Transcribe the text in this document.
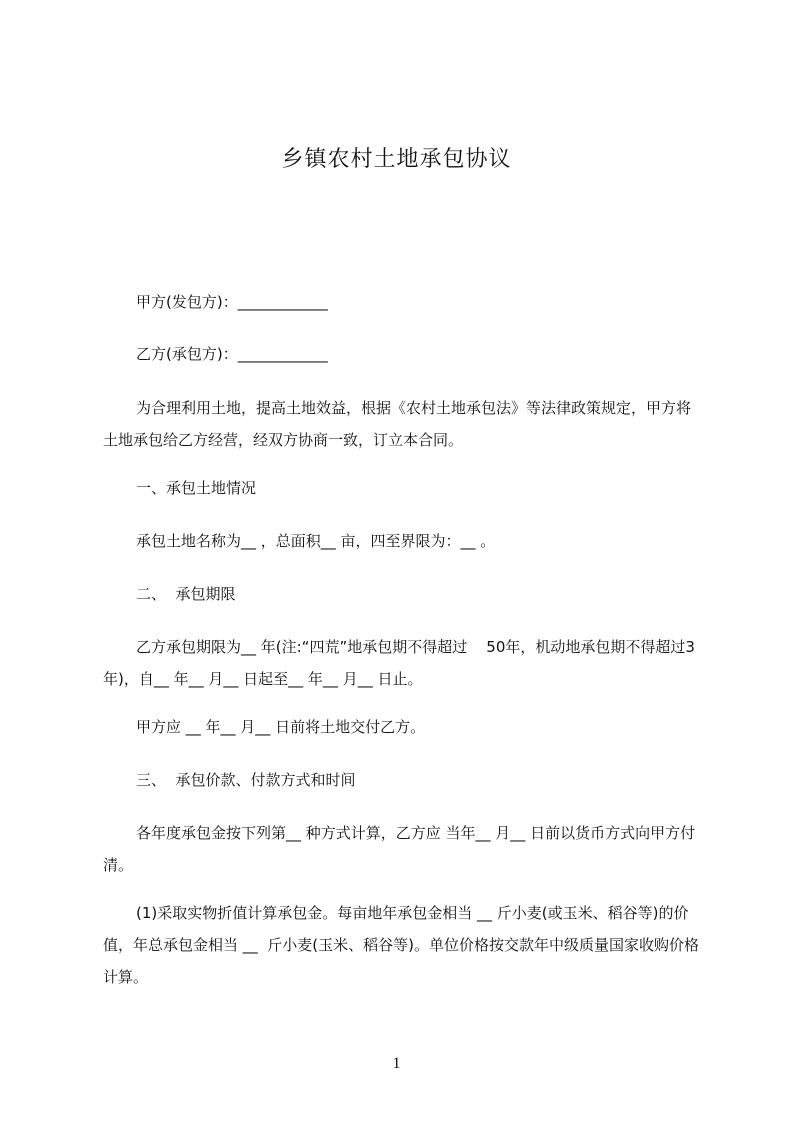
乡镇农村土地承包协议
甲方(发包方)：____________
乙方(承包方)：____________
为合理利用土地，提高土地效益，根据《农村土地承包法》等法律政策规定，甲方将土地承包给乙方经营，经双方协商一致，订立本合同。
一、承包土地情况
承包土地名称为__ ，总面积__ 亩，四至界限为：__ 。
二、  承包期限
乙方承包期限为__ 年(注:“四荒”地承包期不得超过    50年，机动地承包期不得超过3年)，自__ 年__ 月__ 日起至__ 年__ 月__ 日止。
甲方应 __ 年__ 月__ 日前将土地交付乙方。
三、  承包价款、付款方式和时间
各年度承包金按下列第__ 种方式计算，乙方应 当年__ 月__ 日前以货币方式向甲方付清。
(1)采取实物折值计算承包金。每亩地年承包金相当 __ 斤小麦(或玉米、稻谷等)的价值，年总承包金相当 __  斤小麦(玉米、稻谷等)。单位价格按交款年中级质量国家收购价格计算。
1
